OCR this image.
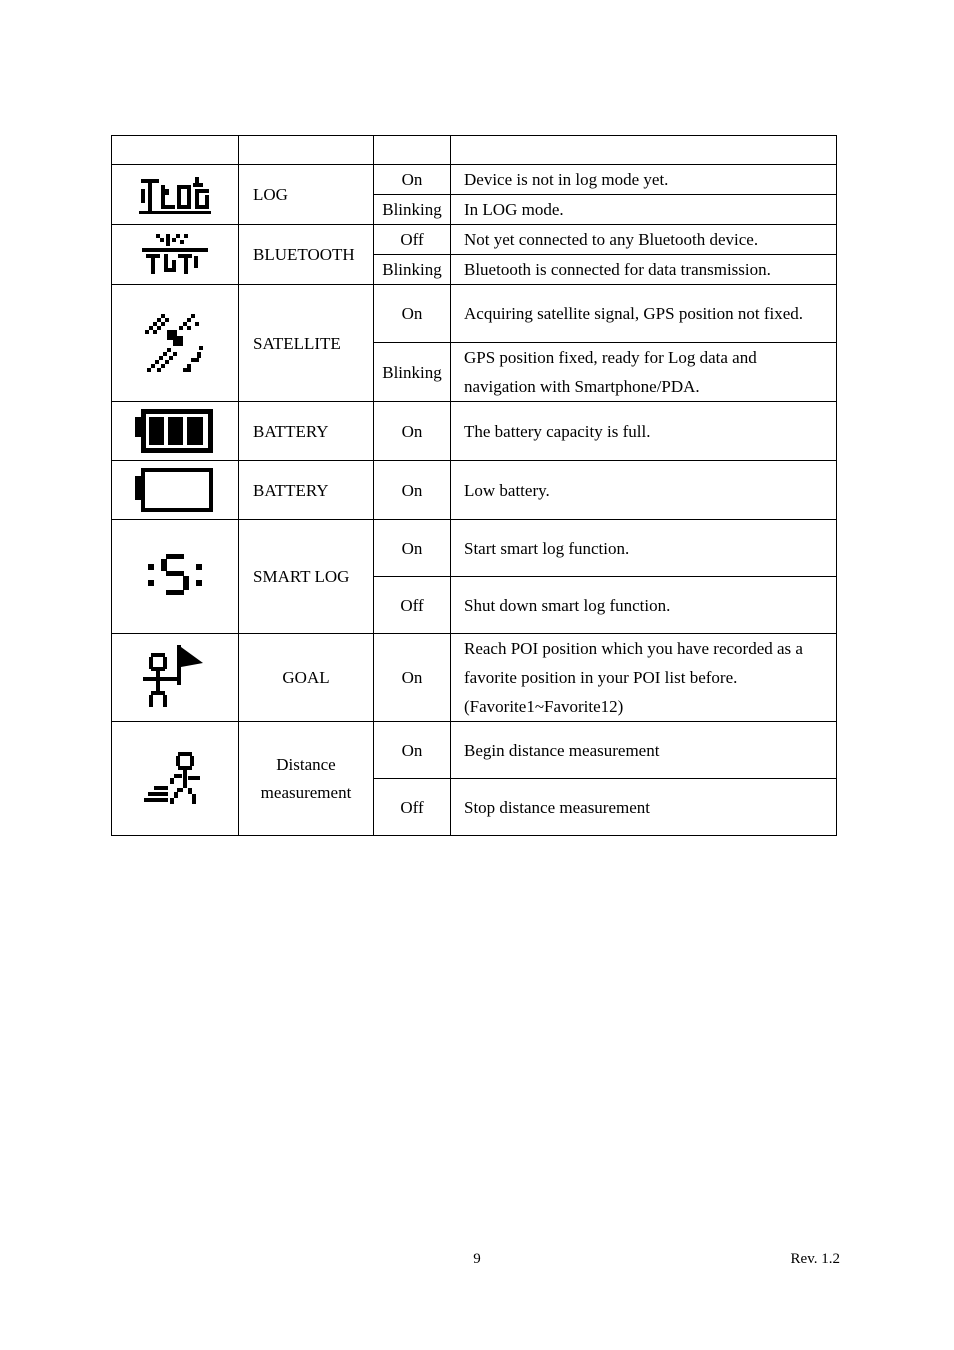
	LOG	On	Device is not in log mode yet.
		Blinking	In LOG mode.

	BLUETOOTH	Off	Not yet connected to any Bluetooth device.
		Blinking	Bluetooth is connected for data transmission.

	SATELLITE	On	Acquiring satellite signal, GPS position not fixed.
		Blinking	GPS position fixed, ready for Log data and navigation with Smartphone/PDA.

	BATTERY	On	The battery capacity is full.

	BATTERY	On	Low battery.

	SMART LOG	On	Start smart log function.
		Off	Shut down smart log function.

	GOAL	On	Reach POI position which you have recorded as a favorite position in your POI list before. (Favorite1~Favorite12)

	Distance measurement	On	Begin distance measurement
		Off	Stop distance measurement
9	Rev. 1.2
